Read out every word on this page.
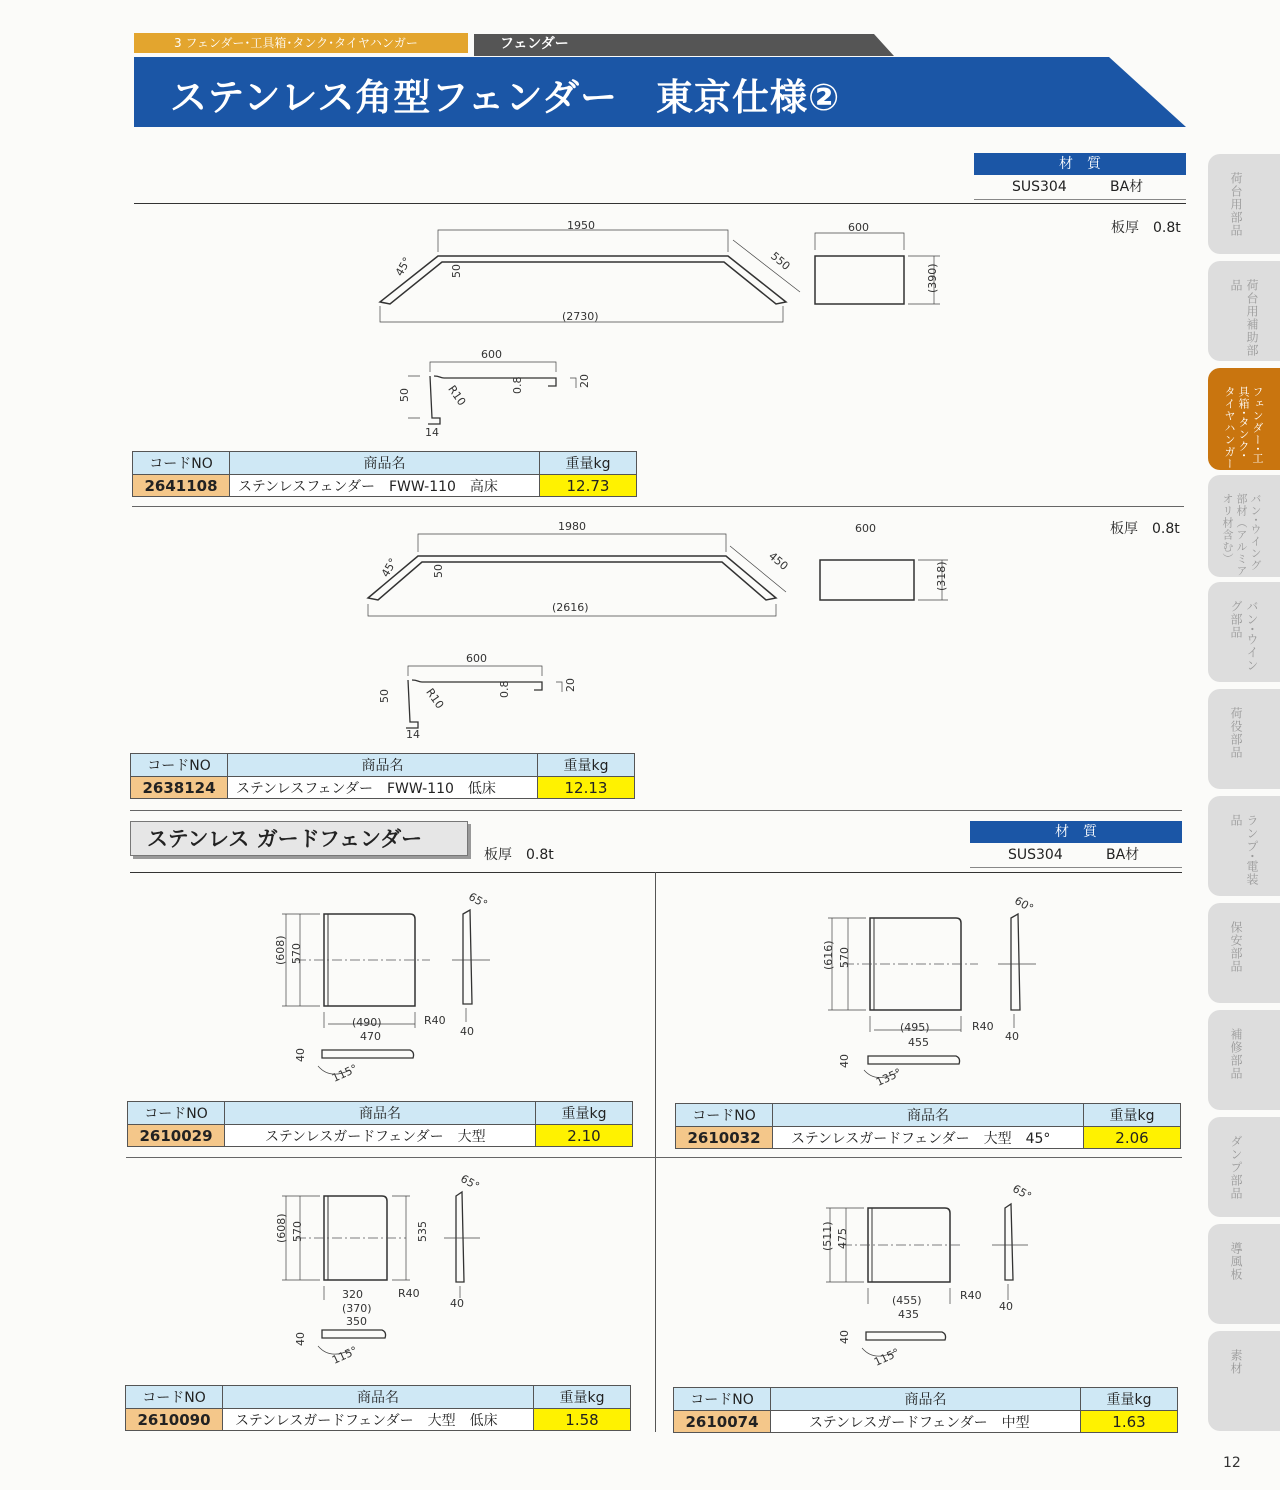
3 フェンダー･工具箱･タンク･タイヤハンガー	フェンダー
ステンレス角型フェンダー　東京仕様②
材　質
SUS304	BA材
板厚　 0.8t
1950
(2730)
550
45°	50
600
(390)
600
50	R10	0.8	20
14
1980
(2616)
450
45°	50
600
(318)
600
50	R10	0.8	20
14
コードNO	商品名	重量kg
2641108	ステンレスフェンダー　FWW-110　高床	12.73
板厚　 0.8t
コードNO	商品名	重量kg
2638124	ステンレスフェンダー　FWW-110　低床	12.13
ステンレス ガードフェンダー
板厚　 0.8t
材　質
SUS304	BA材
(608) 570
(490)
470
R40
40
65°
40
115°
(616) 570
(495)
455
R40
40
60°
40
135°
(608) 570	535
320
(370)
350
R40
40
65°
40
115°
(511) 475
(455)
435
R40
40
65°
40
115°
コードNO	商品名	重量kg
2610029	ステンレスガードフェンダー　大型	2.10
コードNO	商品名	重量kg
2610032	ステンレスガードフェンダー　大型　45°	2.06
コードNO	商品名	重量kg
2610090	ステンレスガードフェンダー　大型　低床	1.58
コードNO	商品名	重量kg
2610074	ステンレスガードフェンダー　中型	1.63
荷台用部品
荷台用補助部品
フェンダー･工具箱･タンク･タイヤハンガー
バン･ウイング部材（アルミアオリ材含む）
バン･ウイング部品
荷役部品
ランプ･電装品
保安部品
補修部品
ダンプ部品
導風板
素材
12
